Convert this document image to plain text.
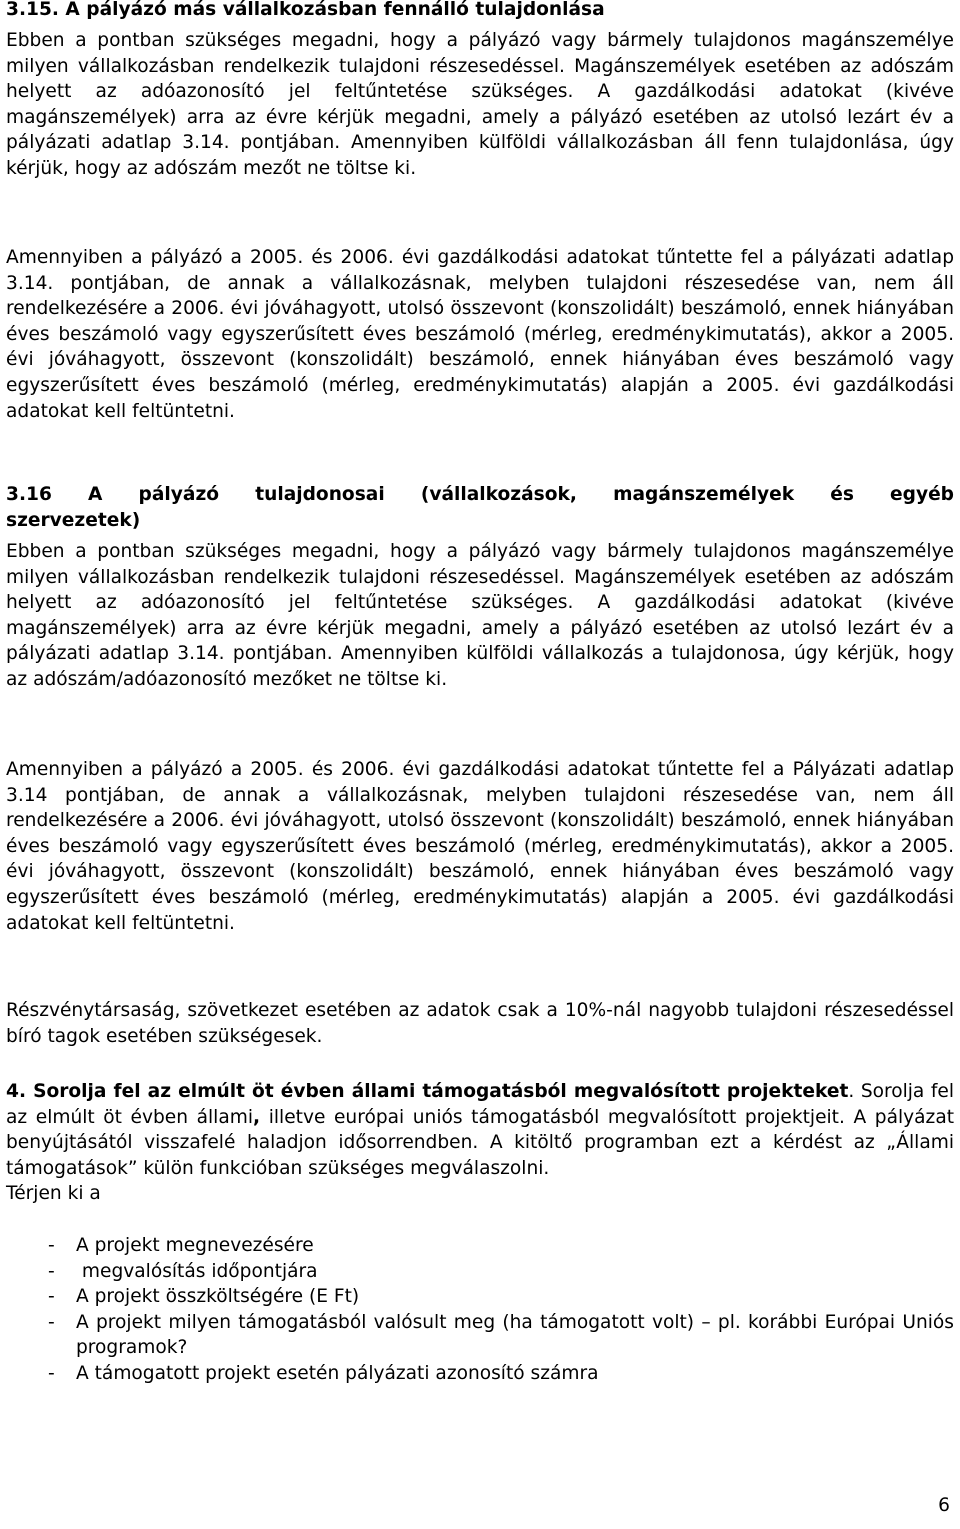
3.15. A pályázó más vállalkozásban fennálló tulajdonlása
Ebben a pontban szükséges megadni, hogy a pályázó vagy bármely tulajdonos magánszemélye milyen vállalkozásban rendelkezik tulajdoni részesedéssel. Magánszemélyek esetében az adószám helyett az adóazonosító jel feltűntetése szükséges. A gazdálkodási adatokat (kivéve magánszemélyek) arra az évre kérjük megadni, amely a pályázó esetében az utolsó lezárt év a pályázati adatlap 3.14. pontjában. Amennyiben külföldi vállalkozásban áll fenn tulajdonlása, úgy kérjük, hogy az adószám mezőt ne töltse ki.
Amennyiben a pályázó a 2005. és 2006. évi gazdálkodási adatokat tűntette fel a pályázati adatlap 3.14. pontjában, de annak a vállalkozásnak, melyben tulajdoni részesedése van, nem áll rendelkezésére a 2006. évi jóváhagyott, utolsó összevont (konszolidált) beszámoló, ennek hiányában éves beszámoló vagy egyszerűsített éves beszámoló (mérleg, eredménykimutatás), akkor a 2005. évi jóváhagyott, összevont (konszolidált) beszámoló, ennek hiányában éves beszámoló vagy egyszerűsített éves beszámoló (mérleg, eredménykimutatás) alapján a 2005. évi gazdálkodási adatokat kell feltüntetni.
3.16 A pályázó tulajdonosai (vállalkozások, magánszemélyek és egyéb
szervezetek)
Ebben a pontban szükséges megadni, hogy a pályázó vagy bármely tulajdonos magánszemélye milyen vállalkozásban rendelkezik tulajdoni részesedéssel. Magánszemélyek esetében az adószám helyett az adóazonosító jel feltűntetése szükséges. A gazdálkodási adatokat (kivéve magánszemélyek) arra az évre kérjük megadni, amely a pályázó esetében az utolsó lezárt év a pályázati adatlap 3.14. pontjában. Amennyiben külföldi vállalkozás a tulajdonosa, úgy kérjük, hogy az adószám/adóazonosító mezőket ne töltse ki.
Amennyiben a pályázó a 2005. és 2006. évi gazdálkodási adatokat tűntette fel a Pályázati adatlap 3.14 pontjában, de annak a vállalkozásnak, melyben tulajdoni részesedése van, nem áll rendelkezésére a 2006. évi jóváhagyott, utolsó összevont (konszolidált) beszámoló, ennek hiányában éves beszámoló vagy egyszerűsített éves beszámoló (mérleg, eredménykimutatás), akkor a 2005. évi jóváhagyott, összevont (konszolidált) beszámoló, ennek hiányában éves beszámoló vagy egyszerűsített éves beszámoló (mérleg, eredménykimutatás) alapján a 2005. évi gazdálkodási adatokat kell feltüntetni.
Részvénytársaság, szövetkezet esetében az adatok csak a 10%-nál nagyobb tulajdoni részesedéssel bíró tagok esetében szükségesek.
4. Sorolja fel az elmúlt öt évben állami támogatásból megvalósított projekteket. Sorolja fel az elmúlt öt évben állami, illetve európai uniós támogatásból megvalósított projektjeit. A pályázat benyújtásától visszafelé haladjon idősorrendben. A kitöltő programban ezt a kérdést az „Állami támogatások” külön funkcióban szükséges megválaszolni.
Térjen ki a
- A projekt megnevezésére
- megvalósítás időpontjára
- A projekt összköltségére (E Ft)
- A projekt milyen támogatásból valósult meg (ha támogatott volt) – pl. korábbi Európai Uniós programok?
- A támogatott projekt esetén pályázati azonosító számra
6
